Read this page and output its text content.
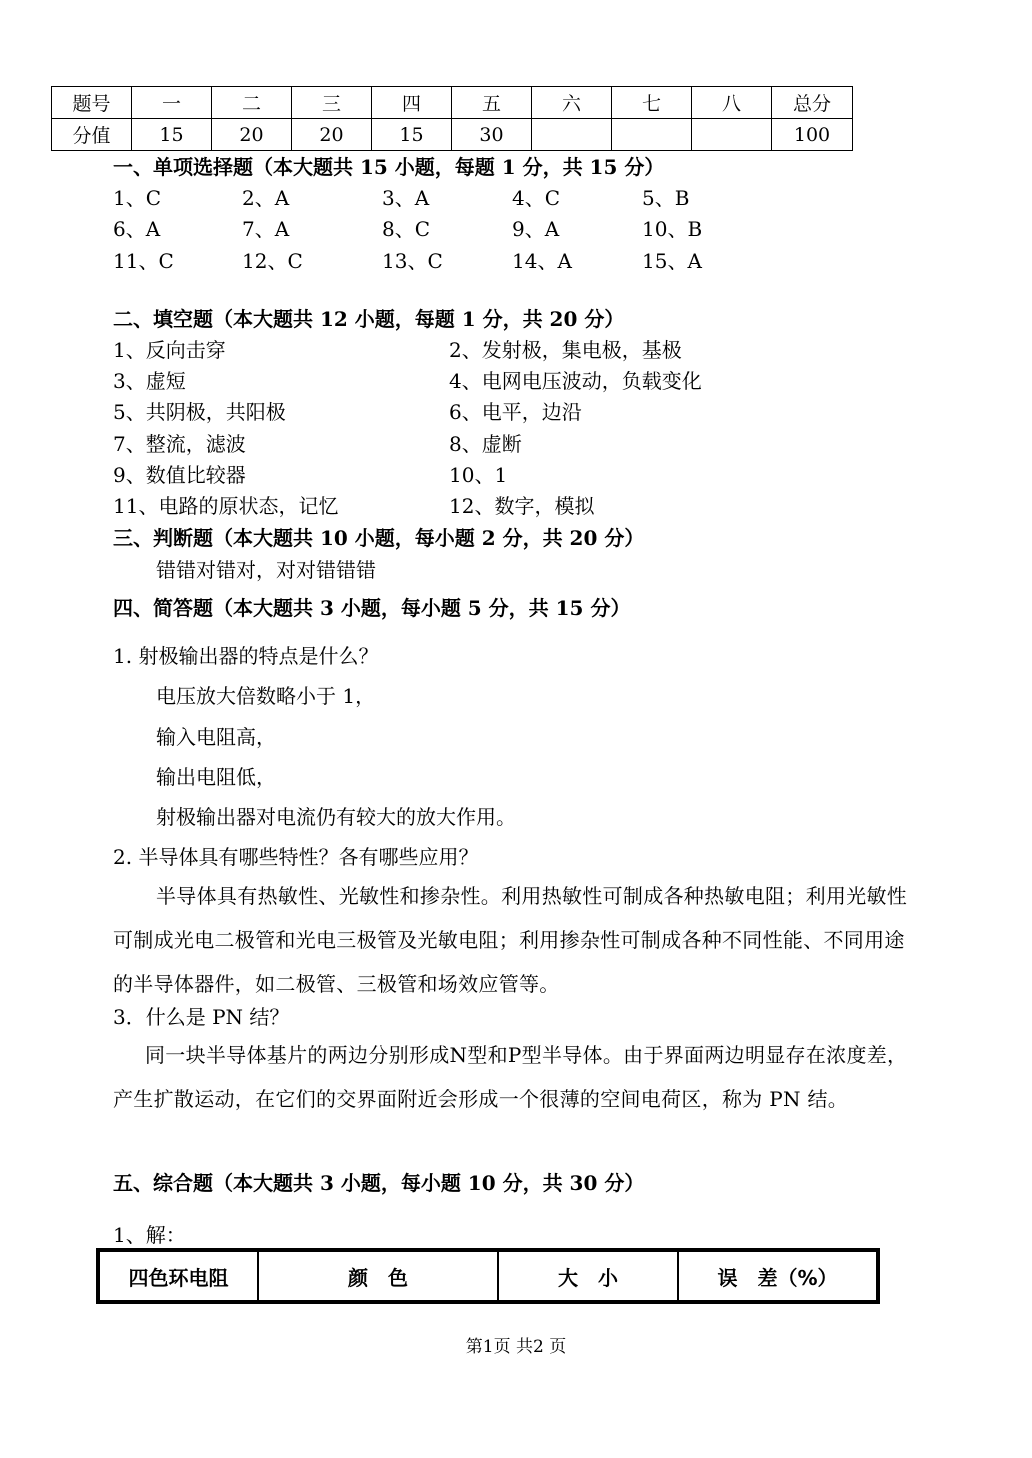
题号	一	二	三	四	五	六	七	八	总分
分值	15	20	20	15	30				100
一、单项选择题（本大题共 15 小题，每题 1 分，共 15 分）
1、C	2、A	3、A	4、C	5、B
6、A	7、A	8、C	9、A	10、B
11、C	12、C	13、C	14、A	15、A
二、填空题（本大题共 12 小题，每题 1 分，共 20 分）
1、反向击穿	2、发射极，集电极，基极
3、虚短	4、电网电压波动，负载变化
5、共阴极，共阳极	6、电平，边沿
7、整流，滤波	8、虚断
9、数值比较器	10、1
11、电路的原状态，记忆	12、数字，模拟
三、判断题（本大题共 10 小题，每小题 2 分，共 20 分）
错错对错对，对对错错错
四、简答题（本大题共 3 小题，每小题 5 分，共 15 分）
1. 射极输出器的特点是什么？
电压放大倍数略小于 1，
输入电阻高，
输出电阻低，
射极输出器对电流仍有较大的放大作用。
2. 半导体具有哪些特性？各有哪些应用？
半导体具有热敏性、光敏性和掺杂性。利用热敏性可制成各种热敏电阻；利用光敏性可制成光电二极管和光电三极管及光敏电阻；利用掺杂性可制成各种不同性能、不同用途的半导体器件，如二极管、三极管和场效应管等。
3．什么是 PN 结？
同一块半导体基片的两边分别形成N型和P型半导体。由于界面两边明显存在浓度差，产生扩散运动，在它们的交界面附近会形成一个很薄的空间电荷区，称为 PN 结。
五、综合题（本大题共 3 小题，每小题 10 分，共 30 分）
1、解：
四色环电阻	颜　色	大　小	误　差（%）
第1页 共2 页
